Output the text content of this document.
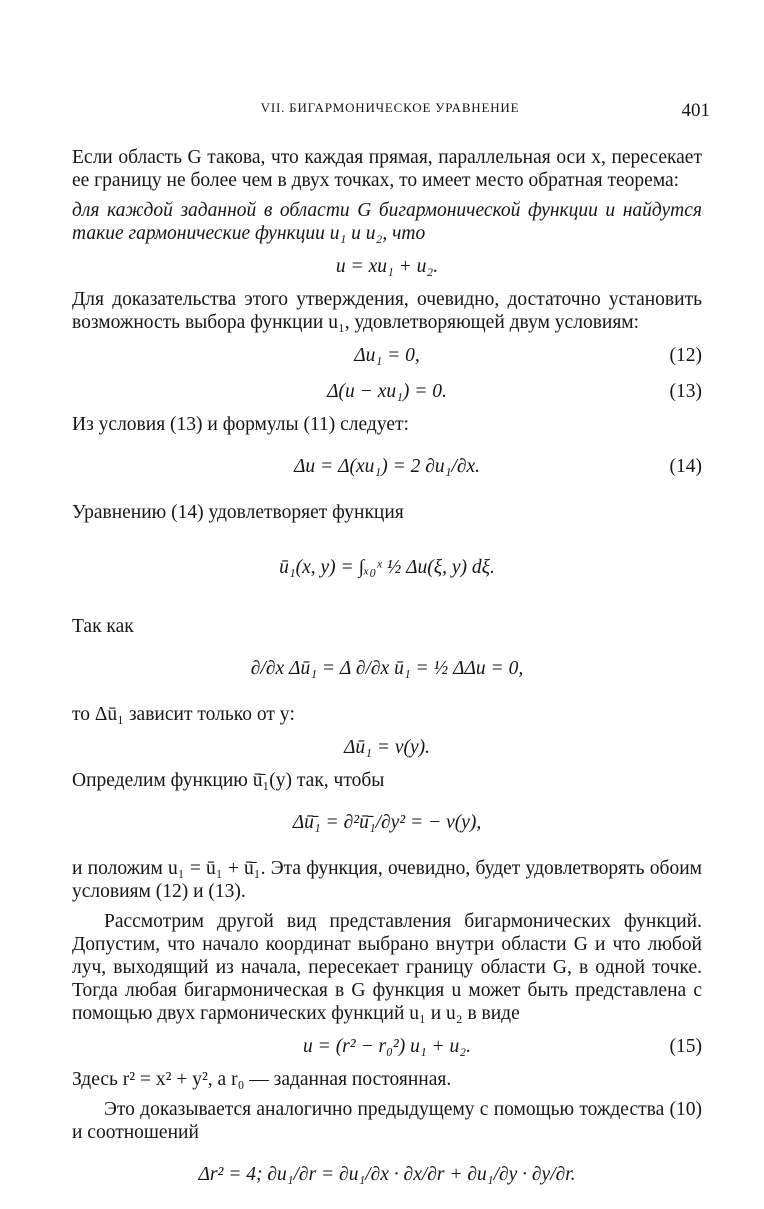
VII. БИГАРМОНИЧЕСКОЕ УРАВНЕНИЕ	401

Если область G такова, что каждая прямая, параллельная оси x, пересекает ее границу не более чем в двух точках, то имеет место обратная теорема:

для каждой заданной в области G бигармонической функции u найдутся такие гармонические функции u₁ и u₂, что

u = xu₁ + u₂.

Для доказательства этого утверждения, очевидно, достаточно установить возможность выбора функции u₁, удовлетворяющей двум условиям:

Δu₁ = 0,	(12)
Δ(u − xu₁) = 0.	(13)

Из условия (13) и формулы (11) следует:

Δu = Δ(xu₁) = 2 ∂u₁/∂x.	(14)

Уравнению (14) удовлетворяет функция

ū₁(x, y) = ∫ₓ₀ˣ ½ Δu(ξ, y) dξ.

Так как

∂/∂x Δū₁ = Δ ∂/∂x ū₁ = ½ ΔΔu = 0,

то Δū₁ зависит только от y:

Δū₁ = v(y).

Определим функцию ū̄₁(y) так, чтобы

Δū̄₁ = ∂²ū̄₁/∂y² = − v(y),

и положим u₁ = ū₁ + ū̄₁. Эта функция, очевидно, будет удовлетворять обоим условиям (12) и (13).

Рассмотрим другой вид представления бигармонических функций. Допустим, что начало координат выбрано внутри области G и что любой луч, выходящий из начала, пересекает границу области G, в одной точке. Тогда любая бигармоническая в G функция u может быть представлена с помощью двух гармонических функций u₁ и u₂ в виде

u = (r² − r₀²) u₁ + u₂.	(15)

Здесь r² = x² + y², а r₀ — заданная постоянная.

Это доказывается аналогично предыдущему с помощью тождества (10) и соотношений

Δr² = 4; ∂u₁/∂r = ∂u₁/∂x · ∂x/∂r + ∂u₁/∂y · ∂y/∂r.
